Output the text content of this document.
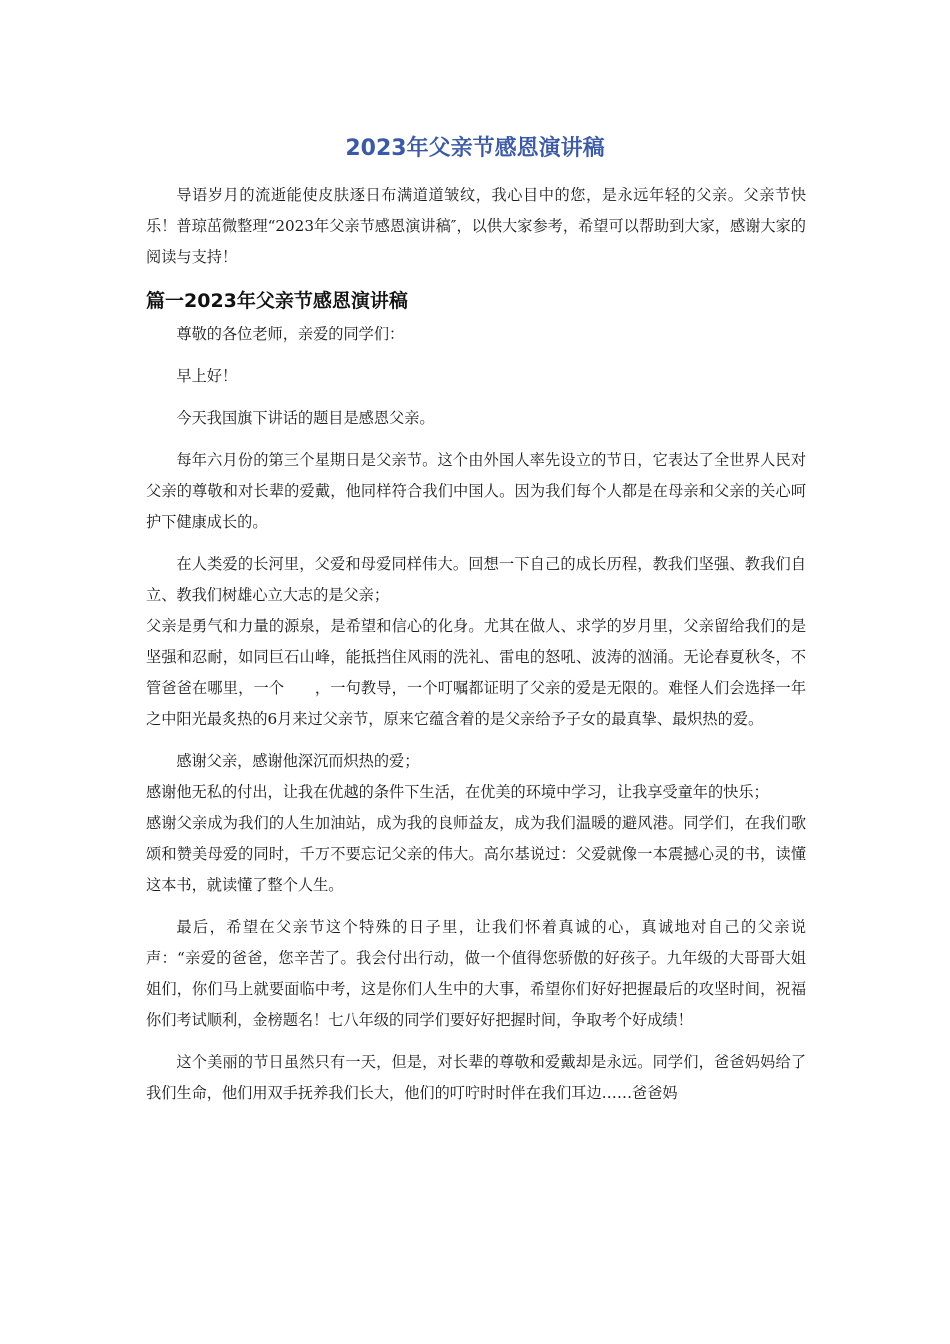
2023年父亲节感恩演讲稿

导语岁月的流逝能使皮肤逐日布满道道皱纹，我心目中的您，是永远年轻的父亲。父亲节快乐！普琼茁微整理“2023年父亲节感恩演讲稿″，以供大家参考，希望可以帮助到大家，感谢大家的阅读与支持！

篇一2023年父亲节感恩演讲稿

尊敬的各位老师，亲爱的同学们：

早上好！

今天我国旗下讲话的题目是感恩父亲。

每年六月份的第三个星期日是父亲节。这个由外国人率先设立的节日，它表达了全世界人民对父亲的尊敬和对长辈的爱戴，他同样符合我们中国人。因为我们每个人都是在母亲和父亲的关心呵护下健康成长的。

在人类爱的长河里，父爱和母爱同样伟大。回想一下自己的成长历程，教我们坚强、教我们自立、教我们树雄心立大志的是父亲；

父亲是勇气和力量的源泉，是希望和信心的化身。尤其在做人、求学的岁月里，父亲留给我们的是坚强和忍耐，如同巨石山峰，能抵挡住风雨的洗礼、雷电的怒吼、波涛的汹涌。无论春夏秋冬，不管爸爸在哪里，一个　　，一句教导，一个叮嘱都证明了父亲的爱是无限的。难怪人们会选择一年之中阳光最炙热的6月来过父亲节，原来它蕴含着的是父亲给予子女的最真挚、最炽热的爱。

感谢父亲，感谢他深沉而炽热的爱；

感谢他无私的付出，让我在优越的条件下生活，在优美的环境中学习，让我享受童年的快乐；

感谢父亲成为我们的人生加油站，成为我的良师益友，成为我们温暖的避风港。同学们，在我们歌颂和赞美母爱的同时，千万不要忘记父亲的伟大。高尔基说过：父爱就像一本震撼心灵的书，读懂这本书，就读懂了整个人生。

最后，希望在父亲节这个特殊的日子里，让我们怀着真诚的心，真诚地对自己的父亲说声：“亲爱的爸爸，您辛苦了。我会付出行动，做一个值得您骄傲的好孩子。九年级的大哥哥大姐姐们，你们马上就要面临中考，这是你们人生中的大事，希望你们好好把握最后的攻坚时间，祝福你们考试顺利，金榜题名！七八年级的同学们要好好把握时间，争取考个好成绩！

这个美丽的节日虽然只有一天，但是，对长辈的尊敬和爱戴却是永远。同学们，爸爸妈妈给了我们生命，他们用双手抚养我们长大，他们的叮咛时时伴在我们耳边……爸爸妈
